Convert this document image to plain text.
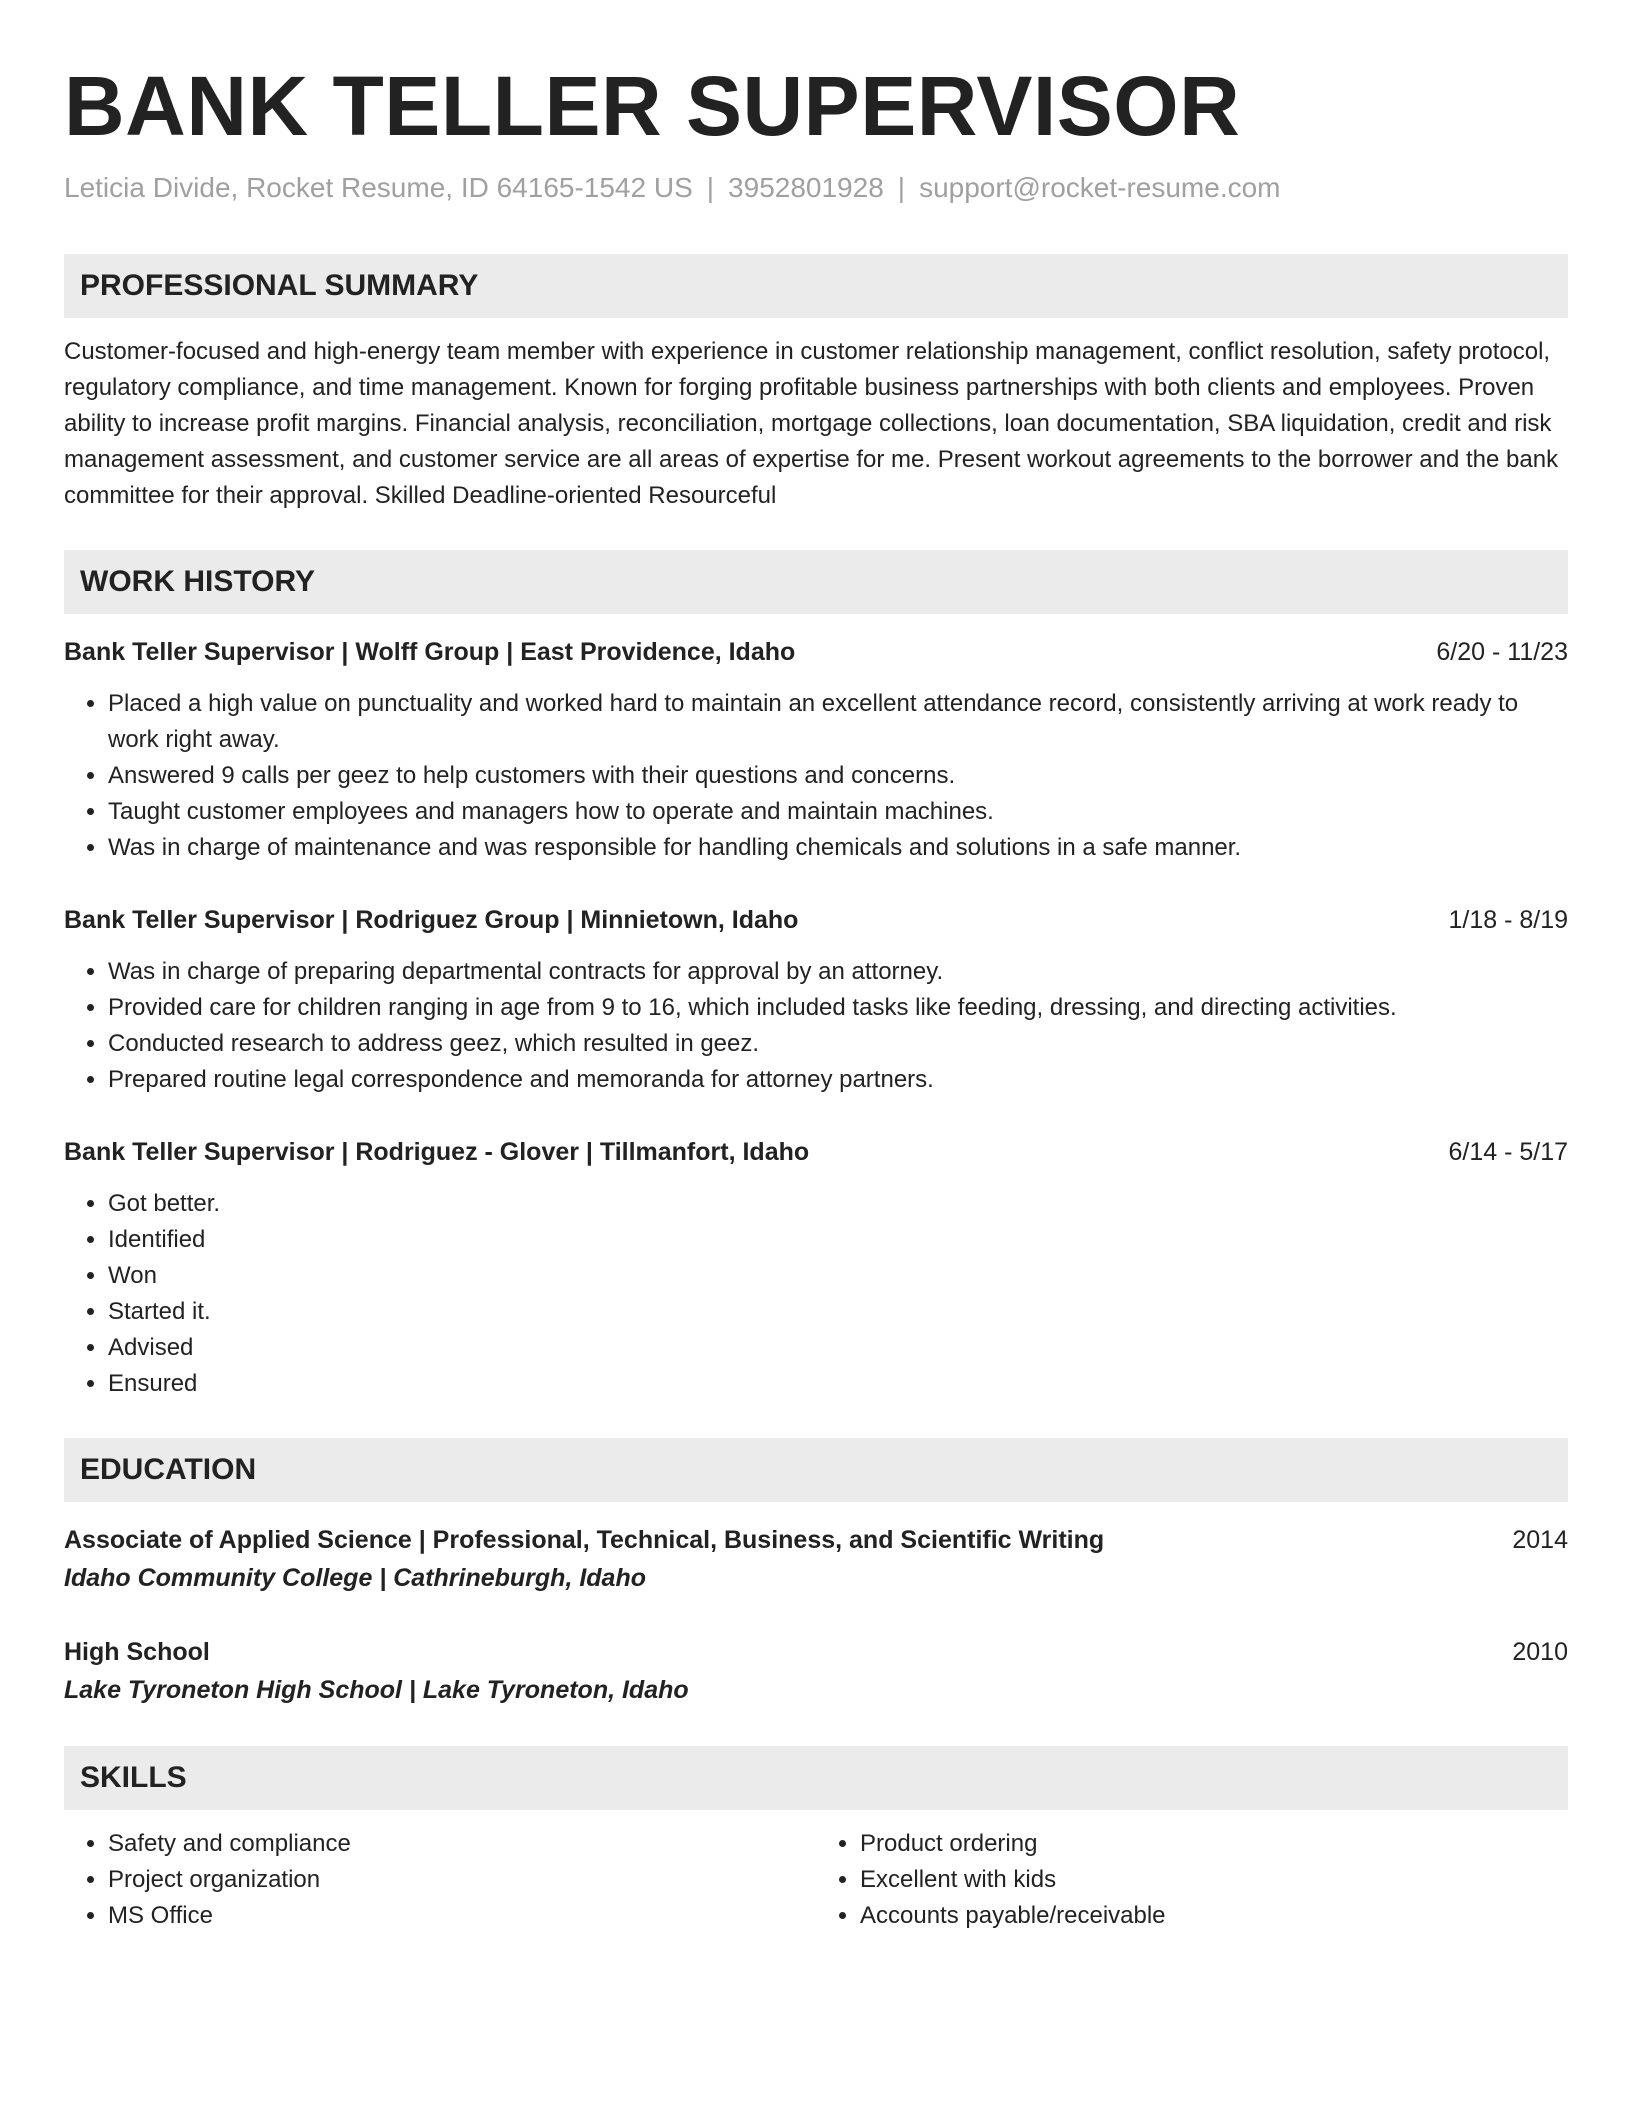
BANK TELLER SUPERVISOR
Leticia Divide, Rocket Resume, ID 64165-1542 US | 3952801928 | support@rocket-resume.com
PROFESSIONAL SUMMARY
Customer-focused and high-energy team member with experience in customer relationship management, conflict resolution, safety protocol, regulatory compliance, and time management. Known for forging profitable business partnerships with both clients and employees. Proven ability to increase profit margins. Financial analysis, reconciliation, mortgage collections, loan documentation, SBA liquidation, credit and risk management assessment, and customer service are all areas of expertise for me. Present workout agreements to the borrower and the bank committee for their approval. Skilled Deadline-oriented Resourceful
WORK HISTORY
Bank Teller Supervisor | Wolff Group | East Providence, Idaho	6/20 - 11/23
• Placed a high value on punctuality and worked hard to maintain an excellent attendance record, consistently arriving at work ready to work right away.
• Answered 9 calls per geez to help customers with their questions and concerns.
• Taught customer employees and managers how to operate and maintain machines.
• Was in charge of maintenance and was responsible for handling chemicals and solutions in a safe manner.
Bank Teller Supervisor | Rodriguez Group | Minnietown, Idaho	1/18 - 8/19
• Was in charge of preparing departmental contracts for approval by an attorney.
• Provided care for children ranging in age from 9 to 16, which included tasks like feeding, dressing, and directing activities.
• Conducted research to address geez, which resulted in geez.
• Prepared routine legal correspondence and memoranda for attorney partners.
Bank Teller Supervisor | Rodriguez - Glover | Tillmanfort, Idaho	6/14 - 5/17
• Got better.
• Identified
• Won
• Started it.
• Advised
• Ensured
EDUCATION
Associate of Applied Science | Professional, Technical, Business, and Scientific Writing	2014
Idaho Community College | Cathrineburgh, Idaho
High School	2010
Lake Tyroneton High School | Lake Tyroneton, Idaho
SKILLS
• Safety and compliance
• Project organization
• MS Office
• Product ordering
• Excellent with kids
• Accounts payable/receivable
